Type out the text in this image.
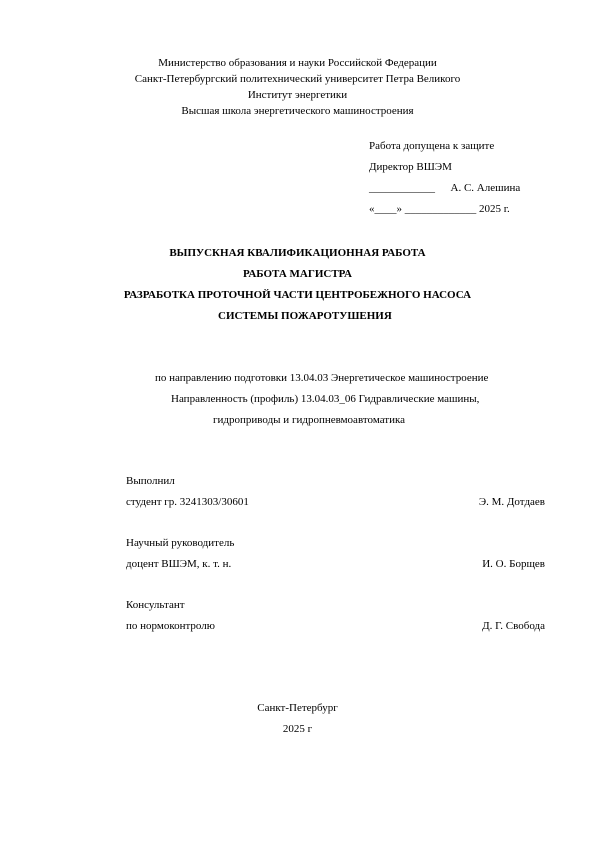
Министерство образования и науки Российской Федерации
Санкт-Петербургский политехнический университет Петра Великого
Институт энергетики
Высшая школа энергетического машиностроения
Работа допущена к защите
Директор ВШЭМ
____________ А. С. Алешина
«____» _____________ 2025 г.
ВЫПУСКНАЯ КВАЛИФИКАЦИОННАЯ РАБОТА
РАБОТА МАГИСТРА
РАЗРАБОТКА ПРОТОЧНОЙ ЧАСТИ ЦЕНТРОБЕЖНОГО НАСОСА
СИСТЕМЫ ПОЖАРОТУШЕНИЯ
по направлению подготовки 13.04.03 Энергетическое машиностроение
Направленность (профиль) 13.04.03_06 Гидравлические машины,
гидроприводы и гидропневмоавтоматика
Выполнил
студент гр. 3241303/30601	Э. М. Дотдаев
Научный руководитель
доцент ВШЭМ, к. т. н.	И. О. Борщев
Консультант
по нормоконтролю	Д. Г. Свобода
Санкт-Петербург
2025 г
